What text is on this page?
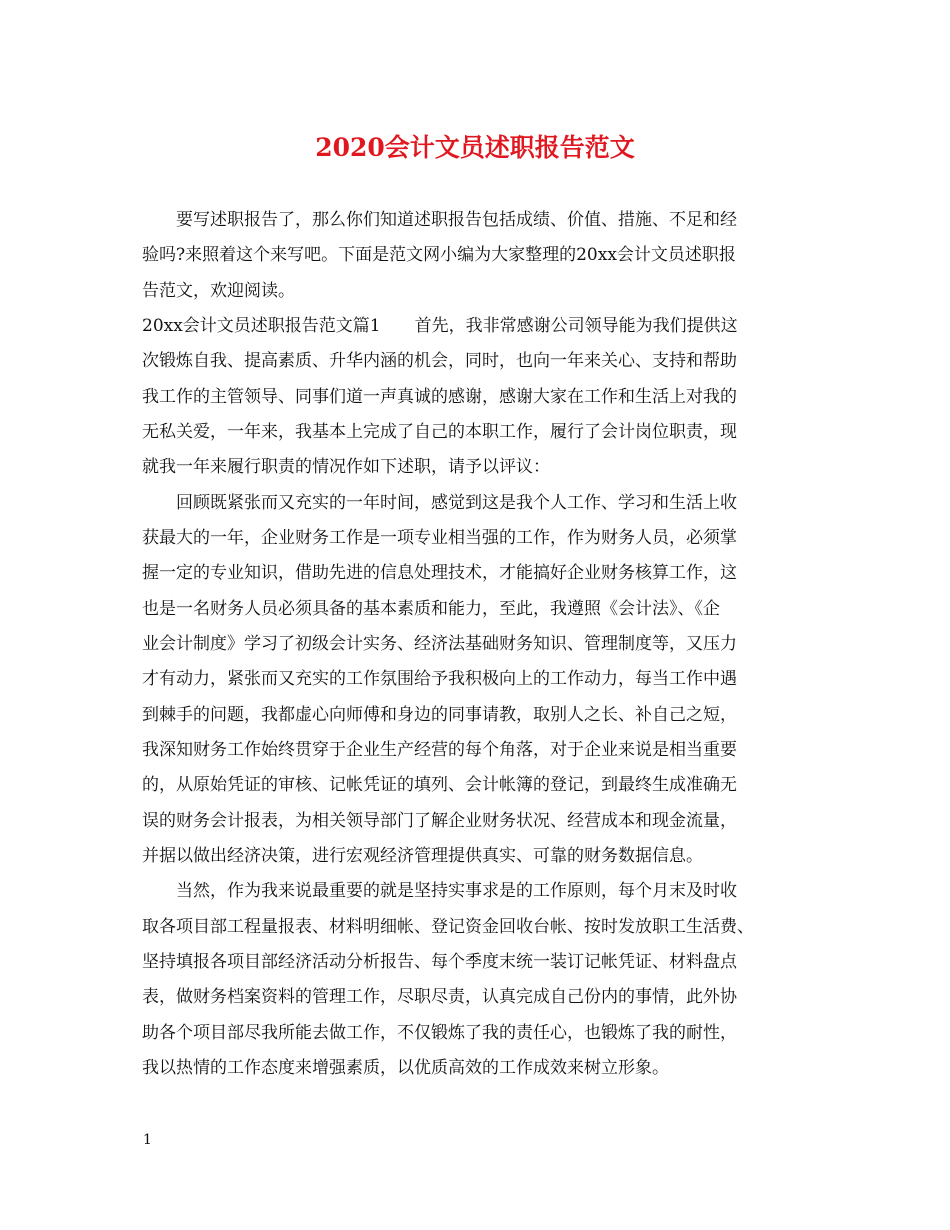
2020会计文员述职报告范文
　　要写述职报告了，那么你们知道述职报告包括成绩、价值、措施、不足和经
验吗?来照着这个来写吧。下面是范文网小编为大家整理的20xx会计文员述职报
告范文，欢迎阅读。
20xx会计文员述职报告范文篇1　　首先，我非常感谢公司领导能为我们提供这
次锻炼自我、提高素质、升华内涵的机会，同时，也向一年来关心、支持和帮助
我工作的主管领导、同事们道一声真诚的感谢，感谢大家在工作和生活上对我的
无私关爱，一年来，我基本上完成了自己的本职工作，履行了会计岗位职责，现
就我一年来履行职责的情况作如下述职，请予以评议：
　　回顾既紧张而又充实的一年时间，感觉到这是我个人工作、学习和生活上收
获最大的一年，企业财务工作是一项专业相当强的工作，作为财务人员，必须掌
握一定的专业知识，借助先进的信息处理技术，才能搞好企业财务核算工作，这
也是一名财务人员必须具备的基本素质和能力，至此，我遵照《会计法》、《企
业会计制度》学习了初级会计实务、经济法基础财务知识、管理制度等，又压力
才有动力，紧张而又充实的工作氛围给予我积极向上的工作动力，每当工作中遇
到棘手的问题，我都虚心向师傅和身边的同事请教，取别人之长、补自己之短，
我深知财务工作始终贯穿于企业生产经营的每个角落，对于企业来说是相当重要
的，从原始凭证的审核、记帐凭证的填列、会计帐簿的登记，到最终生成准确无
误的财务会计报表，为相关领导部门了解企业财务状况、经营成本和现金流量，
并据以做出经济决策，进行宏观经济管理提供真实、可靠的财务数据信息。
　　当然，作为我来说最重要的就是坚持实事求是的工作原则，每个月末及时收
取各项目部工程量报表、材料明细帐、登记资金回收台帐、按时发放职工生活费、
坚持填报各项目部经济活动分析报告、每个季度末统一装订记帐凭证、材料盘点
表，做财务档案资料的管理工作，尽职尽责，认真完成自己份内的事情，此外协
助各个项目部尽我所能去做工作，不仅锻炼了我的责任心，也锻炼了我的耐性，
我以热情的工作态度来增强素质，以优质高效的工作成效来树立形象。
1
